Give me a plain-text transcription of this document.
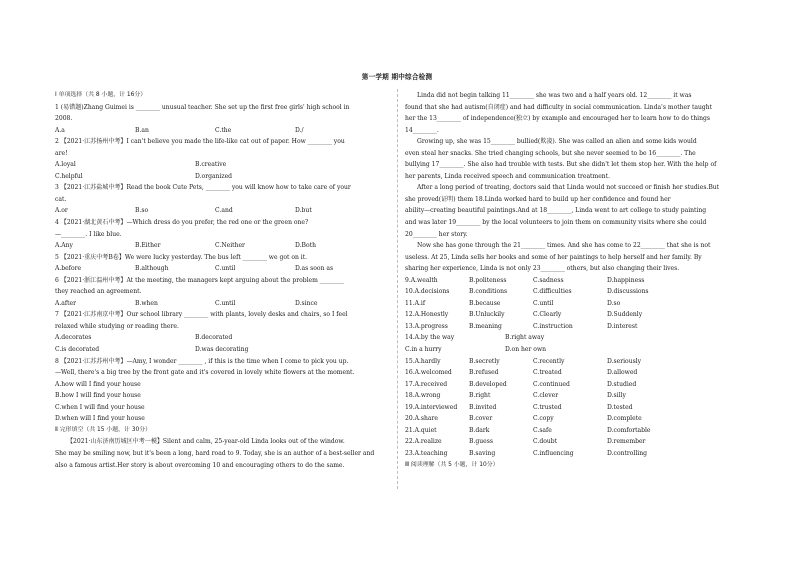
第一学期 期中综合检测
Ⅰ 单项选择（共 8 小题，计 16分）
1 (易错题)Zhang Guimei is ________ unusual teacher. She set up the first free girls' high school in
2008.
A.a	B.an	C.the	D./
2 【2021·江苏扬州中考】I can't believe you made the life-like cat out of paper. How ________ you
are!
A.loyal	B.creative
C.helpful	D.organized
3 【2021·江苏盐城中考】Read the book Cute Pets, ________ you will know how to take care of your
cat.
A.or	B.so	C.and	D.but
4 【2021·湖北黄石中考】—Which dress do you prefer, the red one or the green one?
—________. I like blue.
A.Any	B.Either	C.Neither	D.Both
5 【2021·重庆中考B卷】We were lucky yesterday. The bus left ________ we got on it.
A.before	B.although	C.until	D.as soon as
6 【2021·浙江温州中考】At the meeting, the managers kept arguing about the problem ________
they reached an agreement.
A.after	B.when	C.until	D.since
7 【2021·江苏南京中考】Our school library ________ with plants, lovely desks and chairs, so I feel
relaxed while studying or reading there.
A.decorates	B.decorated
C.is decorated	D.was decorating
8 【2021·江苏苏州中考】—Amy, I wonder ________ , if this is the time when I come to pick you up.
—Well, there's a big tree by the front gate and it's covered in lovely white flowers at the moment.
A.how will I find your house
B.how I will find your house
C.when I will find your house
D.when will I find your house
Ⅱ 完形填空（共 15 小题，计 30分）
【2021·山东济南历城区中考一模】Silent and calm, 25-year-old Linda looks out of the window.
She may be smiling now, but it's been a long, hard road to 9. Today, she is an author of a best-seller and
also a famous artist.Her story is about overcoming 10 and encouraging others to do the same.
Linda did not begin talking 11________ she was two and a half years old. 12________ it was
found that she had autism(自闭症) and had difficulty in social communication. Linda's mother taught
her the 13________ of independence(独立) by example and encouraged her to learn how to do things
14________.
Growing up, she was 15________ bullied(欺凌). She was called an alien and some kids would
even steal her snacks. She tried changing schools, but she never seemed to be 16________. The
bullying 17________. She also had trouble with tests. But she didn't let them stop her. With the help of
her parents, Linda received speech and communication treatment.
After a long period of treating, doctors said that Linda would not succeed or finish her studies.But
she proved(证明) them 18.Linda worked hard to build up her confidence and found her
ability—creating beautiful paintings.And at 18________, Linda went to art college to study painting
and was later 19________ by the local volunteers to join them on community visits where she could
20________ her story.
Now she has gone through the 21________ times. And she has come to 22________ that she is not
useless. At 25, Linda sells her books and some of her paintings to help herself and her family. By
sharing her experience, Linda is not only 23________ others, but also changing their lives.
9.A.wealth	B.politeness	C.sadness	D.happiness
10.A.decisions	B.conditions	C.difficulties	D.discussions
11.A.if	B.because	C.until	D.so
12.A.Honestly	B.Unluckily	C.Clearly	D.Suddenly
13.A.progress	B.meaning	C.instruction	D.interest
14.A.by the way	B.right away
C.in a hurry	D.on her own
15.A.hardly	B.secretly	C.recently	D.seriously
16.A.welcomed	B.refused	C.treated	D.allowed
17.A.received	B.developed	C.continued	D.studied
18.A.wrong	B.right	C.clever	D.silly
19.A.interviewed	B.invited	C.trusted	D.tested
20.A.share	B.cover	C.copy	D.complete
21.A.quiet	B.dark	C.safe	D.comfortable
22.A.realize	B.guess	C.doubt	D.remember
23.A.teaching	B.saving	C.influencing	D.controlling
Ⅲ 阅读理解（共 5 小题，计 10分）
